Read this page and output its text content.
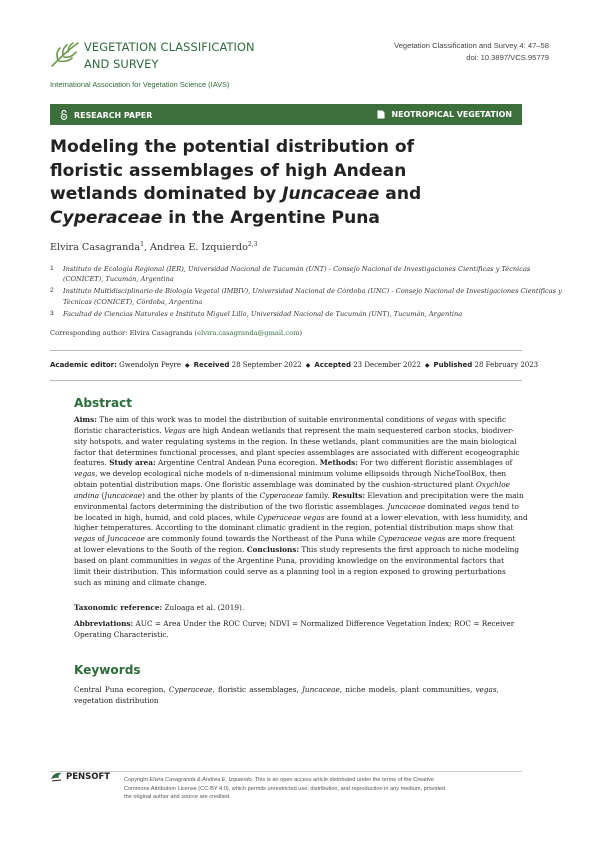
VEGETATION CLASSIFICATION
AND SURVEY
Vegetation Classification and Survey 4: 47–58
doi: 10.3897/VCS.95779
International Association for Vegetation Science (IAVS)
RESEARCH PAPER	NEOTROPICAL VEGETATION
Modeling the potential distribution of
floristic assemblages of high Andean
wetlands dominated by Juncaceae and
Cyperaceae in the Argentine Puna
Elvira Casagranda$^1$, Andrea E. Izquierdo$^{2,3}$
1 Instituto de Ecología Regional (IER), Universidad Nacional de Tucumán (UNT) - Consejo Nacional de Investigaciones Científicas y Técnicas
(CONICET), Tucumán, Argentina
2 Instituto Multidisciplinario de Biología Vegetal (IMBIV), Universidad Nacional de Córdoba (UNC) - Consejo Nacional de Investigaciones Científicas y
Técnicas (CONICET), Córdoba, Argentina
3 Facultad de Ciencias Naturales e Instituto Miguel Lillo, Universidad Nacional de Tucumán (UNT), Tucumán, Argentina
Corresponding author: Elvira Casagranda (elvira.casagranda@gmail.com)
Academic editor: Gwendolyn Peyre ◆ Received 28 September 2022 ◆ Accepted 23 December 2022 ◆ Published 28 February 2023
Abstract
Aims: The aim of this work was to model the distribution of suitable environmental conditions of vegas with specific
floristic characteristics. Vegas are high Andean wetlands that represent the main sequestered carbon stocks, biodiver-
sity hotspots, and water regulating systems in the region. In these wetlands, plant communities are the main biological
factor that determines functional processes, and plant species assemblages are associated with different ecogeographic
features. Study area: Argentine Central Andean Puna ecoregion. Methods: For two different floristic assemblages of
vegas, we develop ecological niche models of n-dimensional minimum volume ellipsoids through NicheToolBox, then
obtain potential distribution maps. One floristic assemblage was dominated by the cushion-structured plant Oxychloe
andina (Juncaceae) and the other by plants of the Cyperaceae family. Results: Elevation and precipitation were the main
environmental factors determining the distribution of the two floristic assemblages. Juncaceae dominated vegas tend to
be located in high, humid, and cold places, while Cyperaceae vegas are found at a lower elevation, with less humidity, and
higher temperatures. According to the dominant climatic gradient in the region, potential distribution maps show that
vegas of Juncaceae are commonly found towards the Northeast of the Puna while Cyperaceae vegas are more frequent
at lower elevations to the South of the region. Conclusions: This study represents the first approach to niche modeling
based on plant communities in vegas of the Argentine Puna, providing knowledge on the environmental factors that
limit their distribution. This information could serve as a planning tool in a region exposed to growing perturbations
such as mining and climate change.
Taxonomic reference: Zuloaga et al. (2019).
Abbreviations: AUC = Area Under the ROC Curve; NDVI = Normalized Difference Vegetation Index; ROC = Receiver
Operating Characteristic.
Keywords
Central Puna ecoregion, Cyperaceae, floristic assemblages, Juncaceae, niche models, plant communities, vegas,
vegetation distribution
PENSOFT Copyright Elvira Casagranda & Andrea E. Izquierdo. This is an open access article distributed under the terms of the Creative
Commons Attribution License (CC-BY 4.0), which permits unrestricted use, distribution, and reproduction in any medium, provided
the original author and source are credited.
